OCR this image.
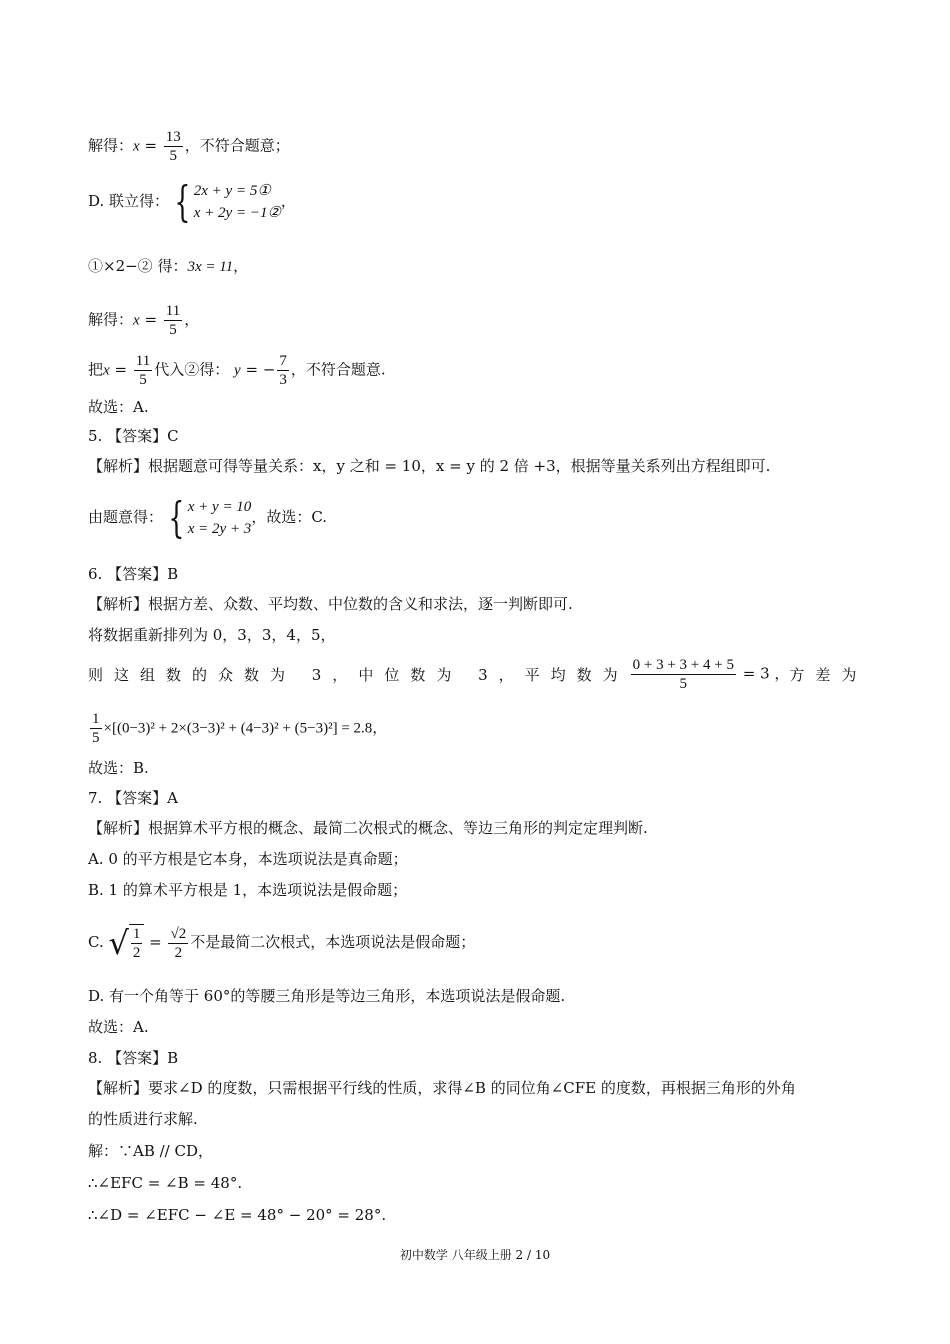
解得：$x = \frac{13}{5}$ ，不符合题意；
D. 联立得： { 2x + y = 5①
x + 2y = −1②
，
①×2−② 得：3x = 11，
解得：$x = \frac{11}{5}$ ，
把$x = \frac{11}{5}$ 代入②得： y = − $\frac{7}{3}$ ，不符合题意.
故选：A.
5. 【答案】C
【解析】根据题意可得等量关系：x，y 之和 = 10，x = y 的 2 倍 +3，根据等量关系列出方程组即可.
由题意得： { x + y = 10
x = 2y + 3
，故选：C.
6. 【答案】B
【解析】根据方差、众数、平均数、中位数的含义和求法，逐一判断即可.
将数据重新排列为 0，3，3，4，5，
则这组数的众数为 3，中位数为 3，平均数为 $\frac{0 + 3 + 3 + 4 + 5}{5} = 3$ ， 方差为
$\frac{1}{5} \times[(0-3)^2 + 2\times(3-3)^2 + (4-3)^2 + (5-3)^2] = 2.8$，
故选：B.
7. 【答案】A
【解析】根据算术平方根的概念、最简二次根式的概念、等边三角形的判定定理判断.
A. 0 的平方根是它本身，本选项说法是真命题；
B. 1 的算术平方根是 1，本选项说法是假命题；
C. √ $\frac{1}{2} = \frac{√2}{2}$ 不是最简二次根式，本选项说法是假命题；
D. 有一个角等于 60°的等腰三角形是等边三角形，本选项说法是假命题.
故选：A.
8. 【答案】B
【解析】要求∠D 的度数，只需根据平行线的性质，求得∠B 的同位角∠CFE 的度数，再根据三角形的外角
的性质进行求解.
解：∵AB // CD，
∴∠EFC = ∠B = 48°.
∴∠D = ∠EFC − ∠E = 48° − 20° = 28°.
初中数学 八年级上册 2 / 10
